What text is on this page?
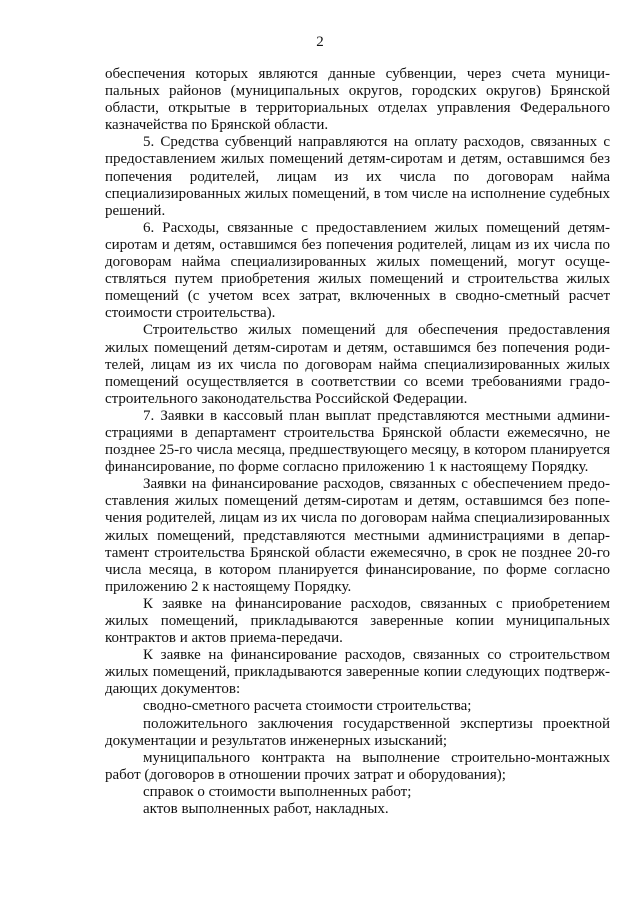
2

обеспечения которых являются данные субвенции, через счета муниципальных районов (муниципальных округов, городских округов) Брянской области, открытые в территориальных отделах управления Федерального казначейства по Брянской области.

5. Средства субвенций направляются на оплату расходов, связанных с предоставлением жилых помещений детям-сиротам и детям, оставшимся без попечения родителей, лицам из их числа по договорам найма специализированных жилых помещений, в том числе на исполнение судебных решений.

6. Расходы, связанные с предоставлением жилых помещений детям-сиротам и детям, оставшимся без попечения родителей, лицам из их числа по договорам найма специализированных жилых помещений, могут осуществляться путем приобретения жилых помещений и строительства жилых помещений (с учетом всех затрат, включенных в сводно-сметный расчет стоимости строительства).

Строительство жилых помещений для обеспечения предоставления жилых помещений детям-сиротам и детям, оставшимся без попечения родителей, лицам из их числа по договорам найма специализированных жилых помещений осуществляется в соответствии со всеми требованиями градостроительного законодательства Российской Федерации.

7. Заявки в кассовый план выплат представляются местными администрациями в департамент строительства Брянской области ежемесячно, не позднее 25-го числа месяца, предшествующего месяцу, в котором планируется финансирование, по форме согласно приложению 1 к настоящему Порядку.

Заявки на финансирование расходов, связанных с обеспечением предоставления жилых помещений детям-сиротам и детям, оставшимся без попечения родителей, лицам из их числа по договорам найма специализированных жилых помещений, представляются местными администрациями в департамент строительства Брянской области ежемесячно, в срок не позднее 20-го числа месяца, в котором планируется финансирование, по форме согласно приложению 2 к настоящему Порядку.

К заявке на финансирование расходов, связанных с приобретением жилых помещений, прикладываются заверенные копии муниципальных контрактов и актов приема-передачи.

К заявке на финансирование расходов, связанных со строительством жилых помещений, прикладываются заверенные копии следующих подтверждающих документов:

сводно-сметного расчета стоимости строительства;

положительного заключения государственной экспертизы проектной документации и результатов инженерных изысканий;

муниципального контракта на выполнение строительно-монтажных работ (договоров в отношении прочих затрат и оборудования);

справок о стоимости выполненных работ;

актов выполненных работ, накладных.
